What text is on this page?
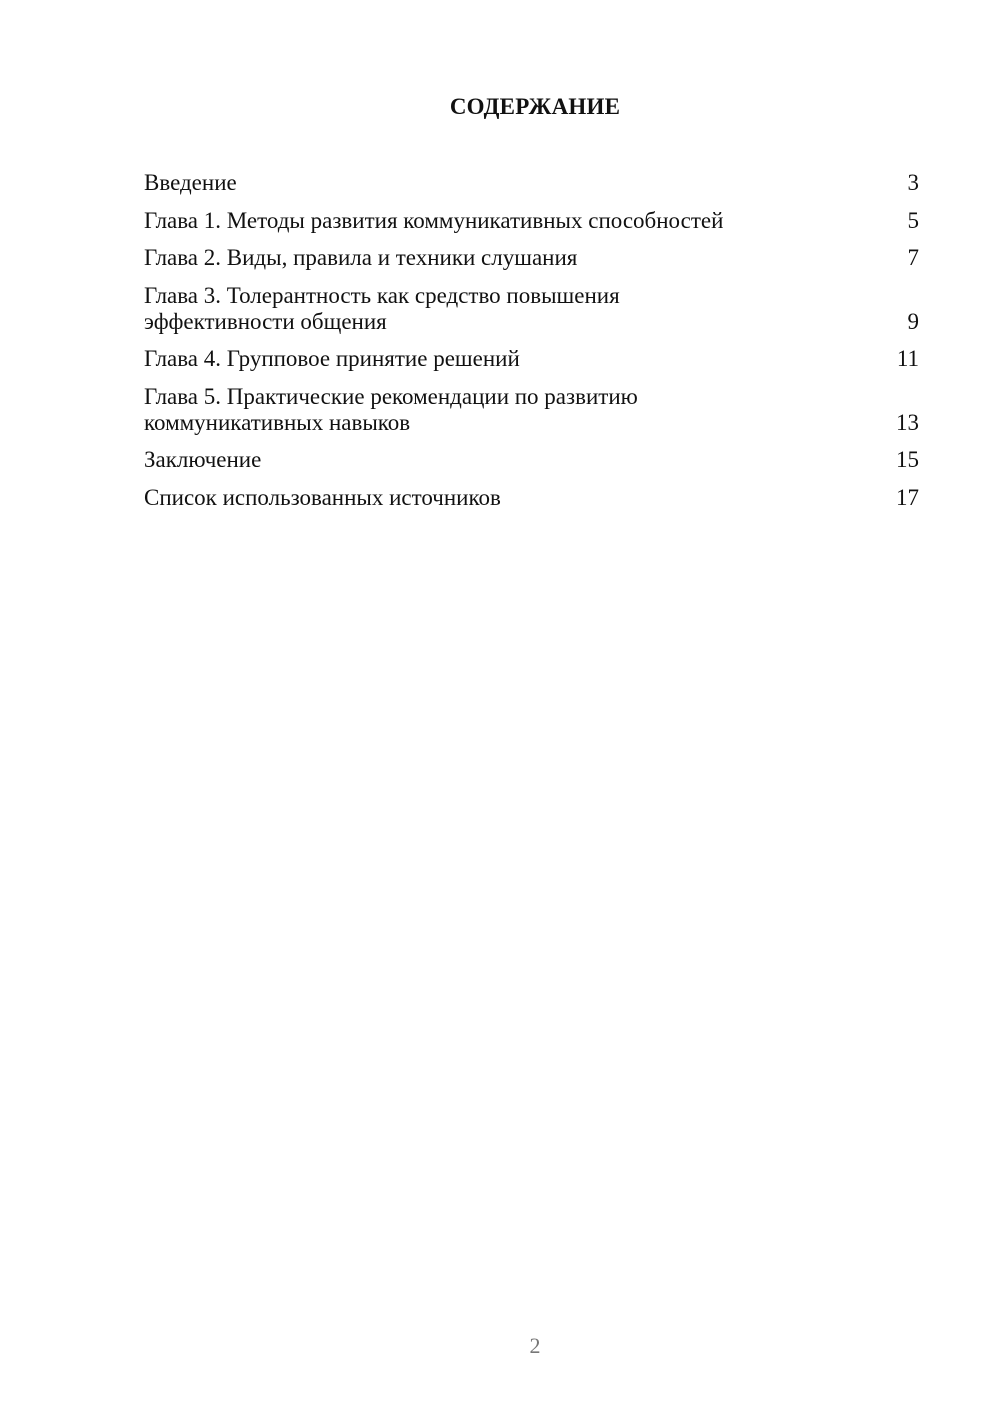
СОДЕРЖАНИЕ
Введение	3
Глава 1. Методы развития коммуникативных способностей	5
Глава 2. Виды, правила и техники слушания	7
Глава 3. Толерантность как средство повышения
эффективности общения	9
Глава 4. Групповое принятие решений	11
Глава 5. Практические рекомендации по развитию
коммуникативных навыков	13
Заключение	15
Список использованных источников	17
2
